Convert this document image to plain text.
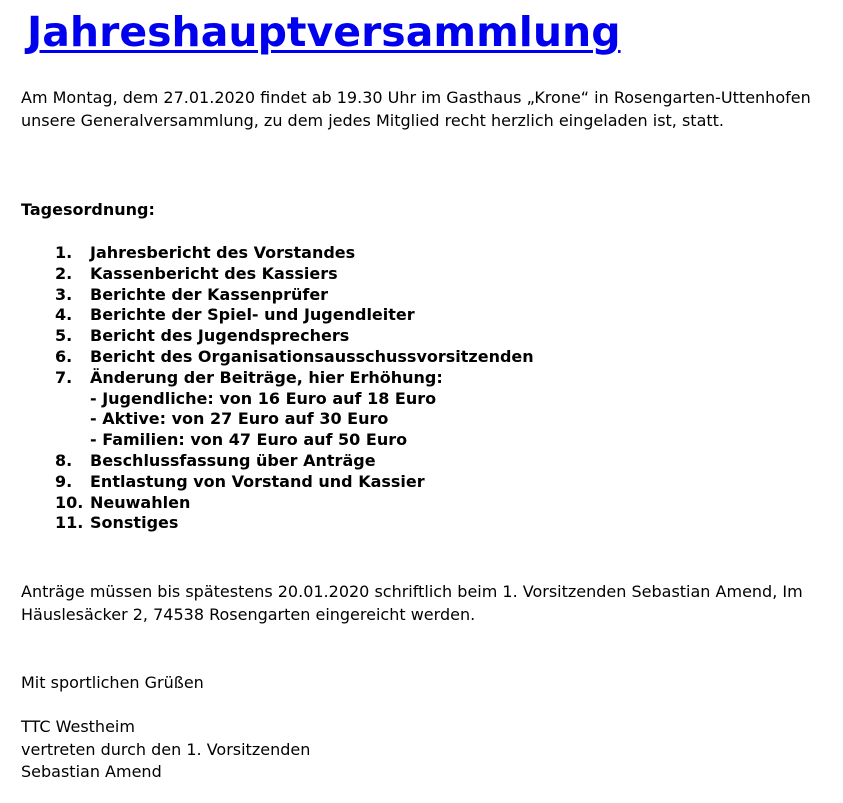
Jahreshauptversammlung

Am Montag, dem 27.01.2020 findet ab 19.30 Uhr im Gasthaus „Krone“ in Rosengarten-Uttenhofen unsere Generalversammlung, zu dem jedes Mitglied recht herzlich eingeladen ist, statt.

Tagesordnung:

1.	Jahresbericht des Vorstandes
2.	Kassenbericht des Kassiers
3.	Berichte der Kassenprüfer
4.	Berichte der Spiel- und Jugendleiter
5.	Bericht des Jugendsprechers
6.	Bericht des Organisationsausschussvorsitzenden
7.	Änderung der Beiträge, hier Erhöhung:
- Jugendliche: von 16 Euro auf 18 Euro
- Aktive: von 27 Euro auf 30 Euro
- Familien: von 47 Euro auf 50 Euro
8.	Beschlussfassung über Anträge
9.	Entlastung von Vorstand und Kassier
10. Neuwahlen
11. Sonstiges

Anträge müssen bis spätestens 20.01.2020 schriftlich beim 1. Vorsitzenden Sebastian Amend, Im Häuslesäcker 2, 74538 Rosengarten eingereicht werden.

Mit sportlichen Grüßen

TTC Westheim
vertreten durch den 1. Vorsitzenden
Sebastian Amend
